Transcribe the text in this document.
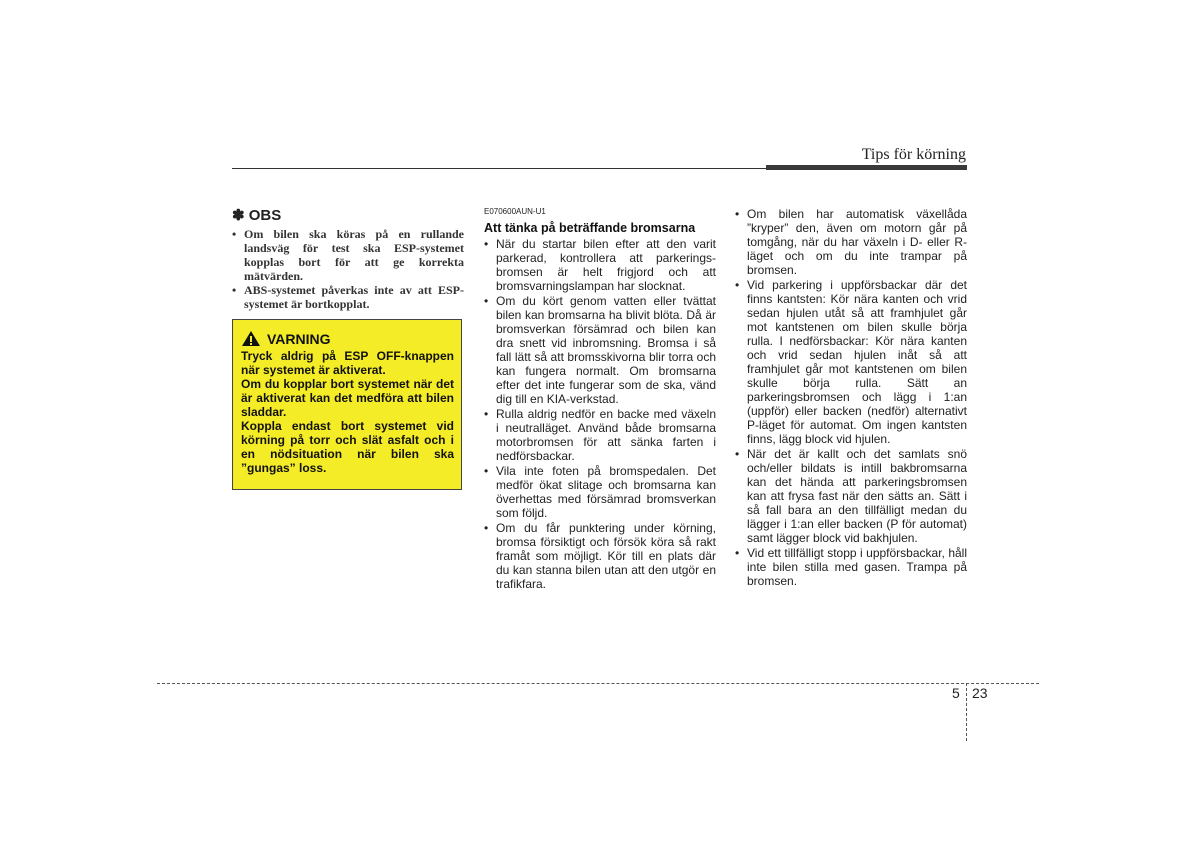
Tips för körning
✽ OBS
• Om bilen ska köras på en rullande landsväg för test ska ESP-systemet kopplas bort för att ge korrekta mätvärden.
• ABS-systemet påverkas inte av att ESP-systemet är bortkopplat.
VARNING

Tryck aldrig på ESP OFF-knappen när systemet är aktiverat.

Om du kopplar bort systemet när det är aktiverat kan det medföra att bilen sladdar.

Koppla endast bort systemet vid körning på torr och slät asfalt och i en nödsituation när bilen ska ”gungas” loss.

E070600AUN-U1
Att tänka på beträffande bromsarna
• När du startar bilen efter att den varit parkerad, kontrollera att parkerings-bromsen är helt frigjord och att bromsvarningslampan har slocknat.
• Om du kört genom vatten eller tvättat bilen kan bromsarna ha blivit blöta. Då är bromsverkan försämrad och bilen kan dra snett vid inbromsning. Bromsa i så fall lätt så att bromsskivorna blir torra och kan fungera normalt. Om bromsarna efter det inte fungerar som de ska, vänd dig till en KIA-verkstad.
• Rulla aldrig nedför en backe med växeln i neutralläget. Använd både bromsarna motorbromsen för att sänka farten i nedförsbackar.
• Vila inte foten på bromspedalen. Det medför ökat slitage och bromsarna kan överhettas med försämrad bromsverkan som följd.
• Om du får punktering under körning, bromsa försiktigt och försök köra så rakt framåt som möjligt. Kör till en plats där du kan stanna bilen utan att den utgör en trafikfara.
• Om bilen har automatisk växellåda ”kryper” den, även om motorn går på tomgång, när du har växeln i D- eller R-läget och om du inte trampar på bromsen.
• Vid parkering i uppförsbackar där det finns kantsten: Kör nära kanten och vrid sedan hjulen utåt så att framhjulet går mot kantstenen om bilen skulle börja rulla. I nedförsbackar: Kör nära kanten och vrid sedan hjulen inåt så att framhjulet går mot kantstenen om bilen skulle börja rulla. Sätt an parkeringsbromsen och lägg i 1:an (uppför) eller backen (nedför) alternativt P-läget för automat. Om ingen kantsten finns, lägg block vid hjulen.
• När det är kallt och det samlats snö och/eller bildats is intill bakbromsarna kan det hända att parkeringsbromsen kan att frysa fast när den sätts an. Sätt i så fall bara an den tillfälligt medan du lägger i 1:an eller backen (P för automat) samt lägger block vid bakhjulen.
• Vid ett tillfälligt stopp i uppförsbackar, håll inte bilen stilla med gasen. Trampa på bromsen.
5 23
